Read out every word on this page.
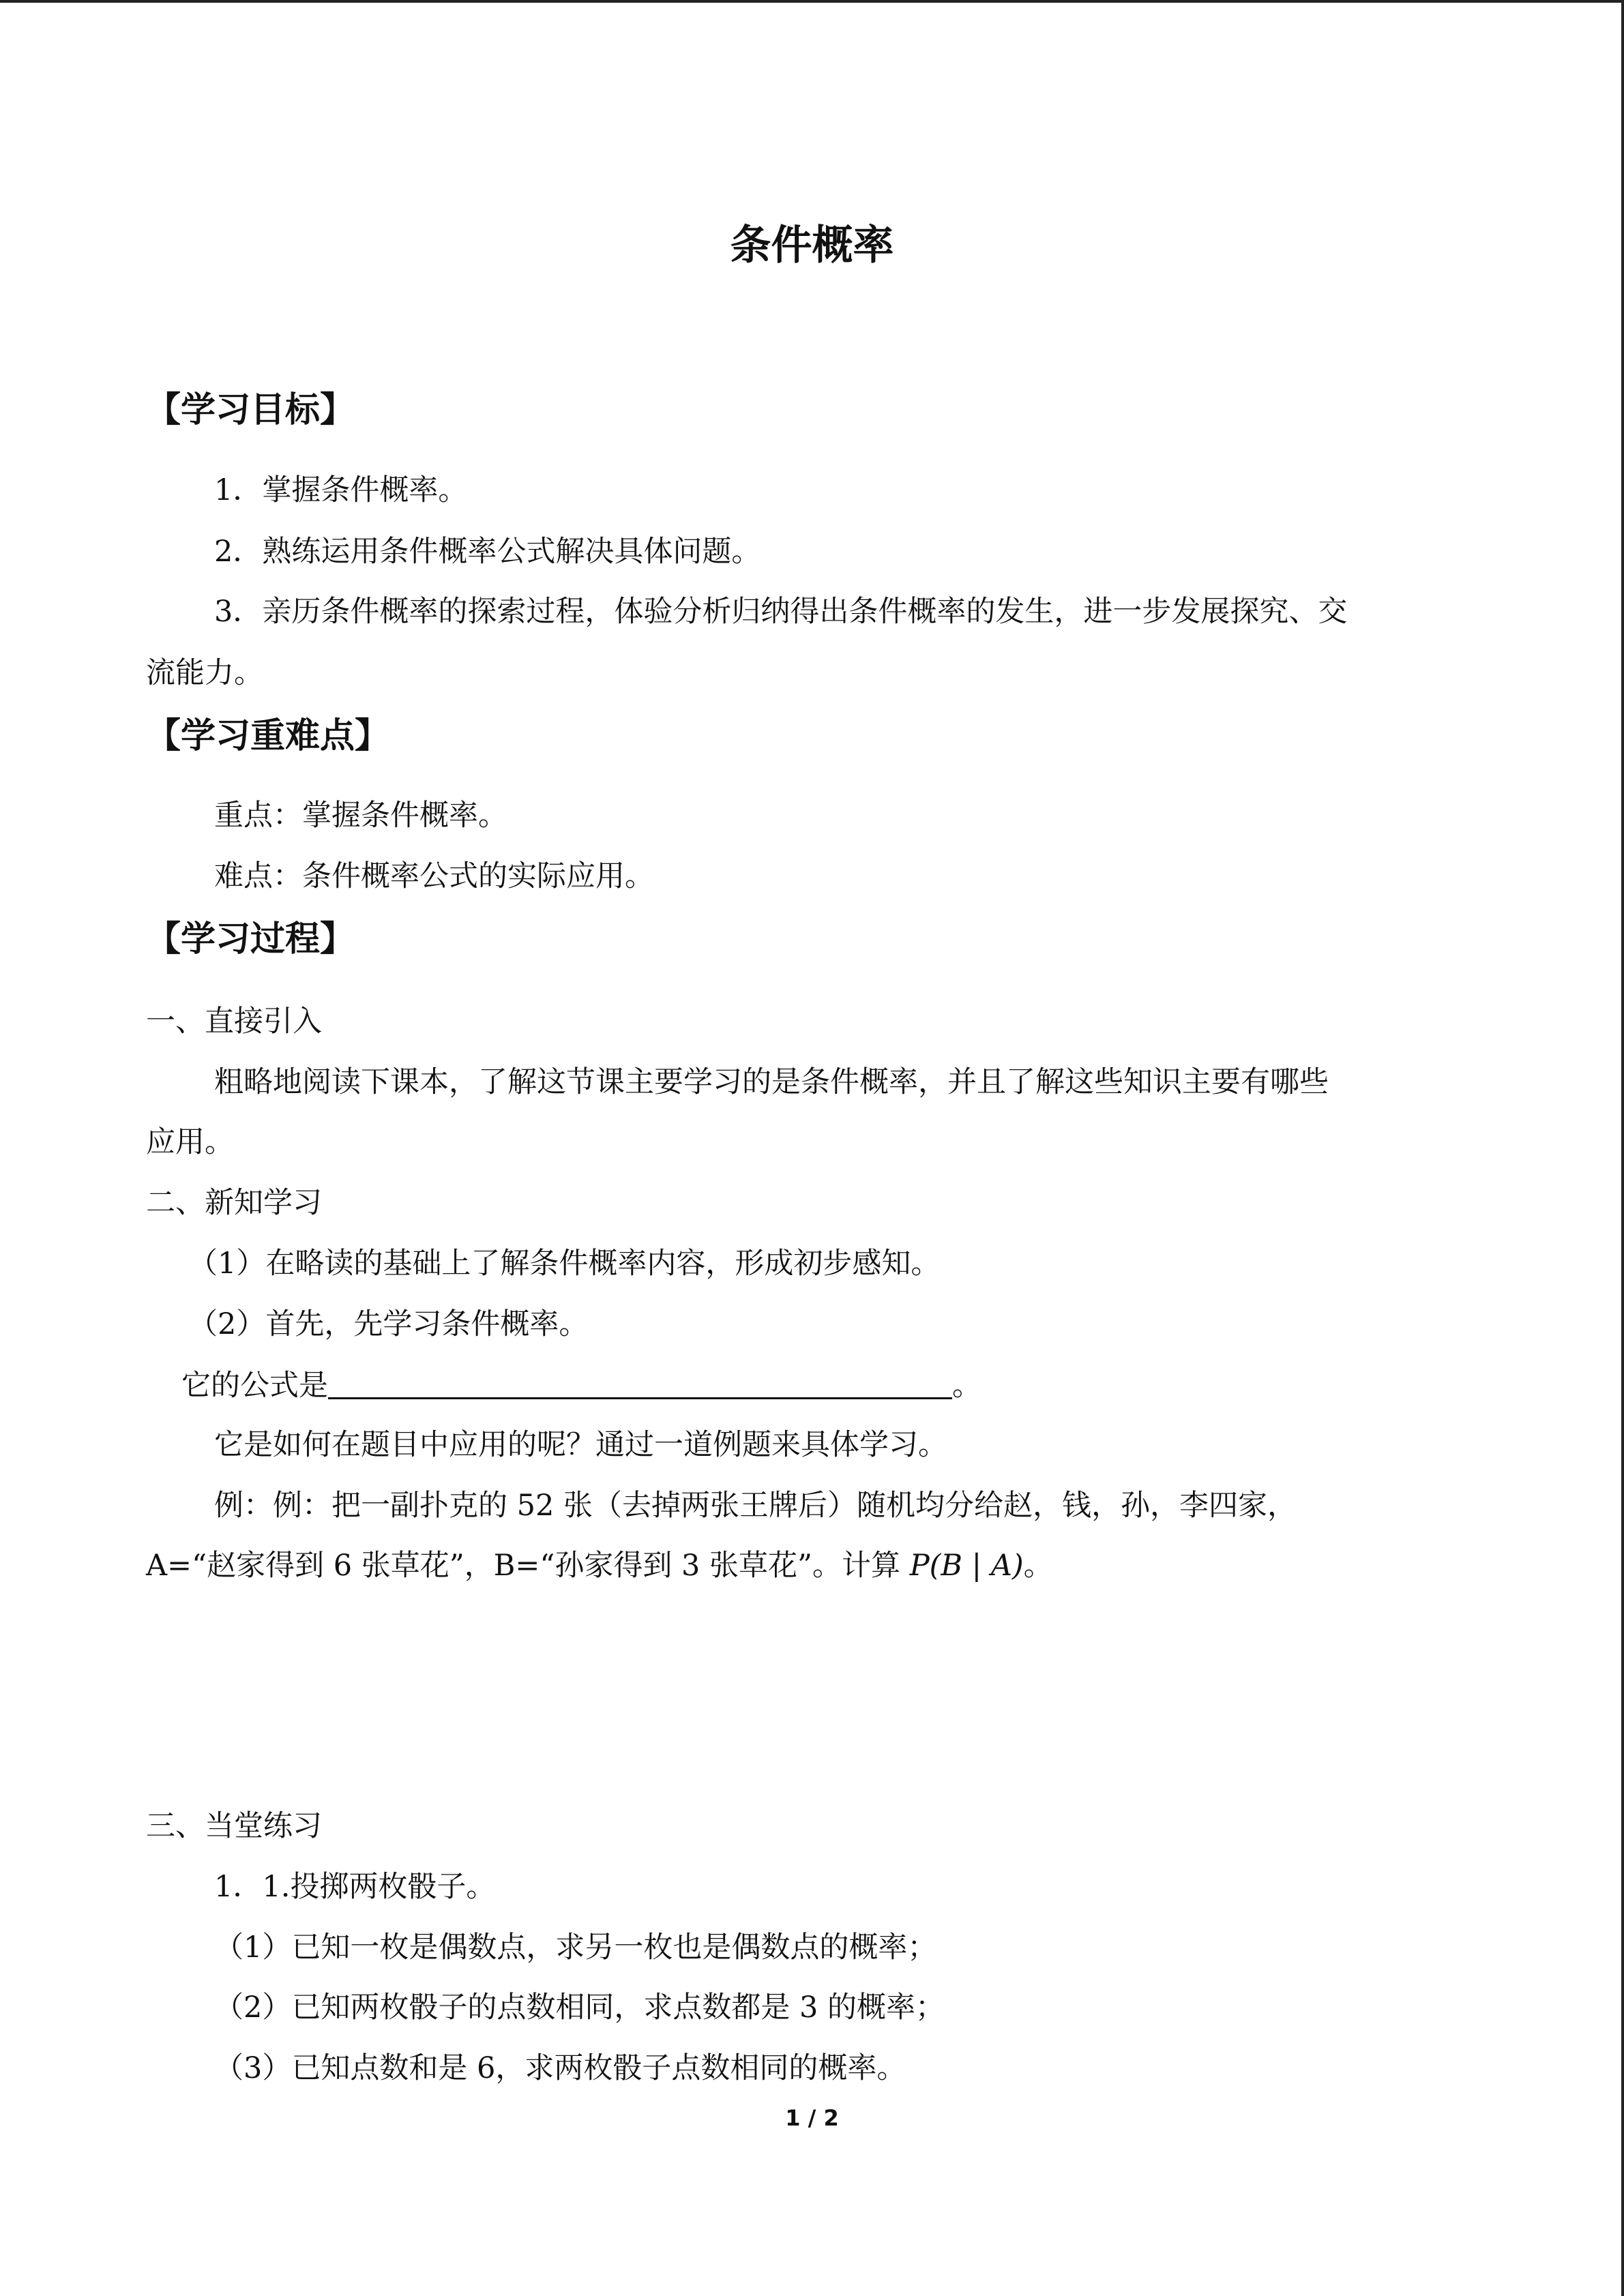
条件概率
【学习目标】
1．掌握条件概率。
2．熟练运用条件概率公式解决具体问题。
3．亲历条件概率的探索过程，体验分析归纳得出条件概率的发生，进一步发展探究、交
流能力。
【学习重难点】
重点：掌握条件概率。
难点：条件概率公式的实际应用。
【学习过程】
一、直接引入
粗略地阅读下课本，了解这节课主要学习的是条件概率，并且了解这些知识主要有哪些
应用。
二、新知学习
（1）在略读的基础上了解条件概率内容，形成初步感知。
（2）首先，先学习条件概率。
它的公式是	。
它是如何在题目中应用的呢？通过一道例题来具体学习。
例：例：把一副扑克的 52 张（去掉两张王牌后）随机均分给赵，钱，孙，李四家，
A=“赵家得到 6 张草花”，B=“孙家得到 3 张草花”。计算 P(B | A)。
三、当堂练习
1．1.投掷两枚骰子。
（1）已知一枚是偶数点，求另一枚也是偶数点的概率；
（2）已知两枚骰子的点数相同，求点数都是 3 的概率；
（3）已知点数和是 6，求两枚骰子点数相同的概率。
1 / 2
